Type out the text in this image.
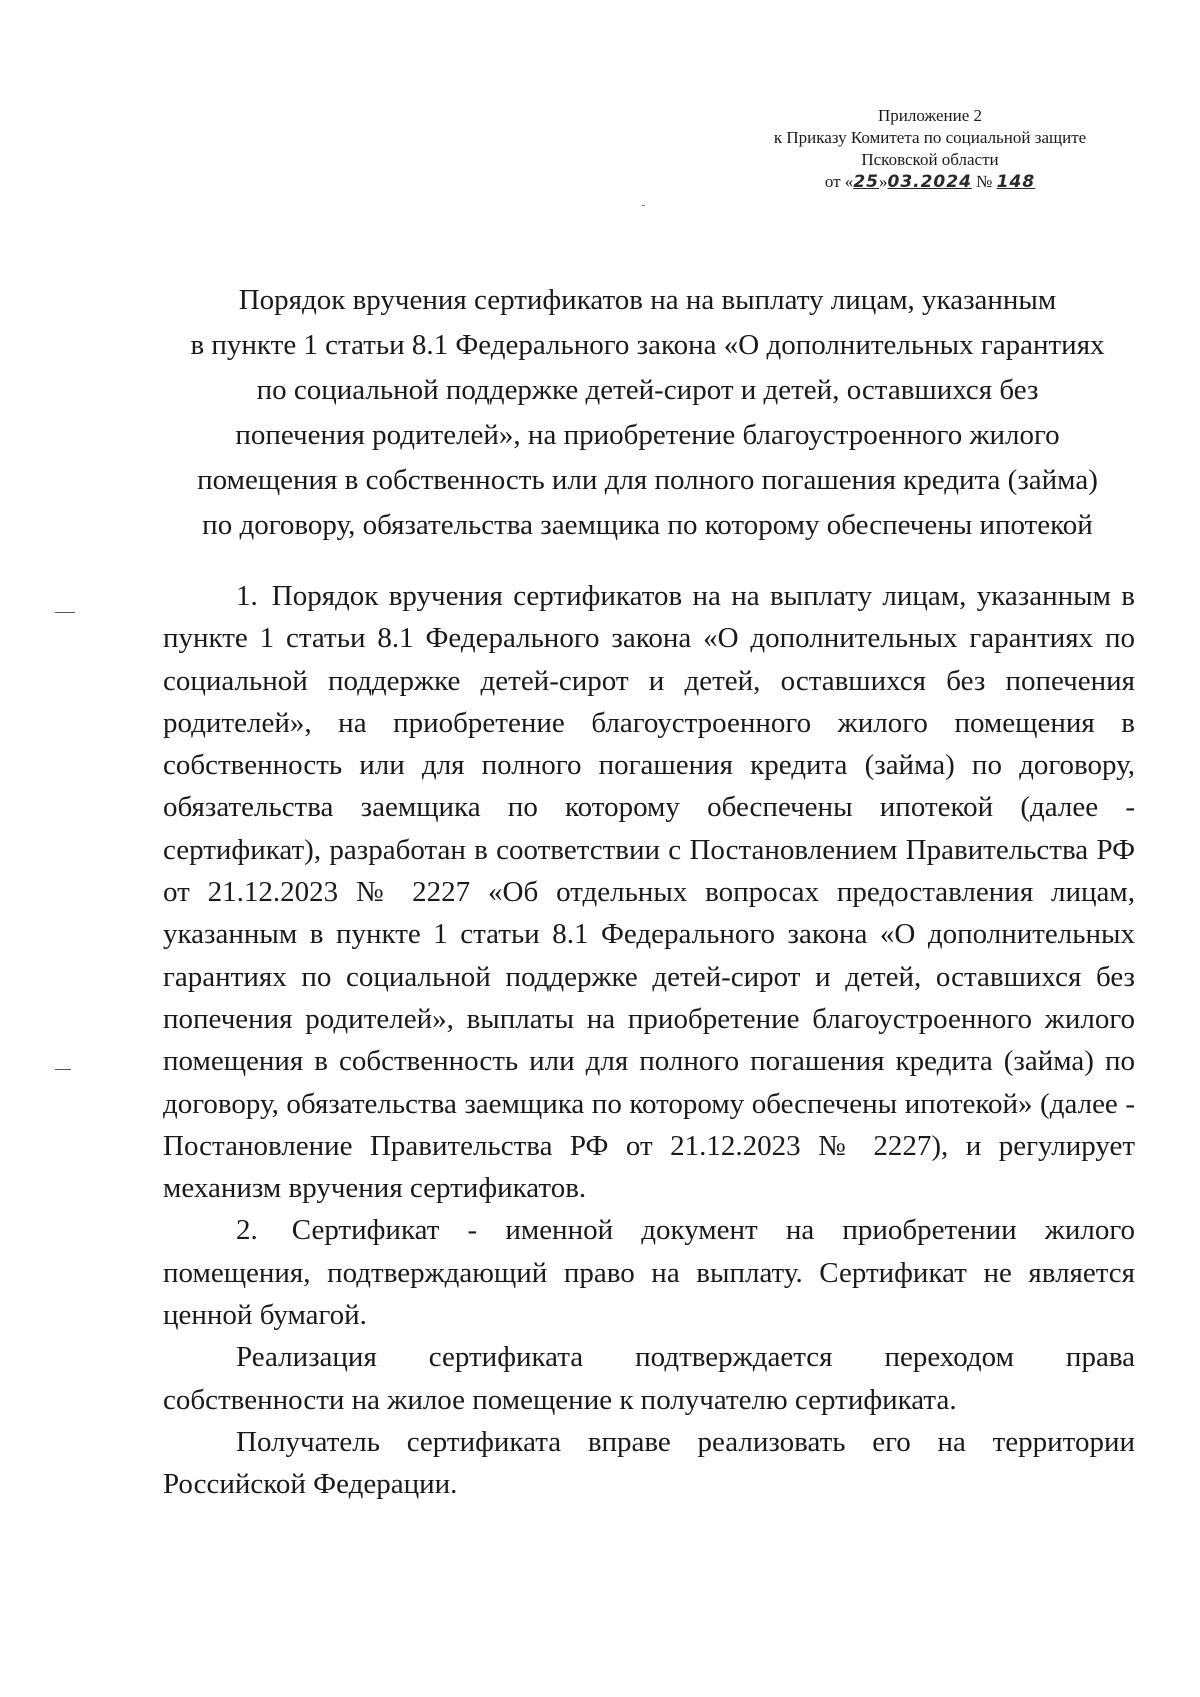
Приложение 2
к Приказу Комитета по социальной защите
Псковской области
от «25»03.2024 № 148
Порядок вручения сертификатов на на выплату лицам, указанным
в пункте 1 статьи 8.1 Федерального закона «О дополнительных гарантиях
по социальной поддержке детей-сирот и детей, оставшихся без
попечения родителей», на приобретение благоустроенного жилого
помещения в собственность или для полного погашения кредита (займа)
по договору, обязательства заемщика по которому обеспечены ипотекой

1. Порядок вручения сертификатов на на выплату лицам, указанным в пункте 1 статьи 8.1 Федерального закона «О дополнительных гарантиях по социальной поддержке детей-сирот и детей, оставшихся без попечения родителей», на приобретение благоустроенного жилого помещения в собственность или для полного погашения кредита (займа) по договору, обязательства заемщика по которому обеспечены ипотекой (далее - сертификат), разработан в соответствии с Постановлением Правительства РФ от 21.12.2023 № 2227 «Об отдельных вопросах предоставления лицам, указанным в пункте 1 статьи 8.1 Федерального закона «О дополнительных гарантиях по социальной поддержке детей-сирот и детей, оставшихся без попечения родителей», выплаты на приобретение благоустроенного жилого помещения в собственность или для полного погашения кредита (займа) по договору, обязательства заемщика по которому обеспечены ипотекой» (далее - Постановление Правительства РФ от 21.12.2023 № 2227), и регулирует механизм вручения сертификатов.

2. Сертификат - именной документ на приобретении жилого помещения, подтверждающий право на выплату. Сертификат не является ценной бумагой.

Реализация сертификата подтверждается переходом права собственности на жилое помещение к получателю сертификата.

Получатель сертификата вправе реализовать его на территории Российской Федерации.
